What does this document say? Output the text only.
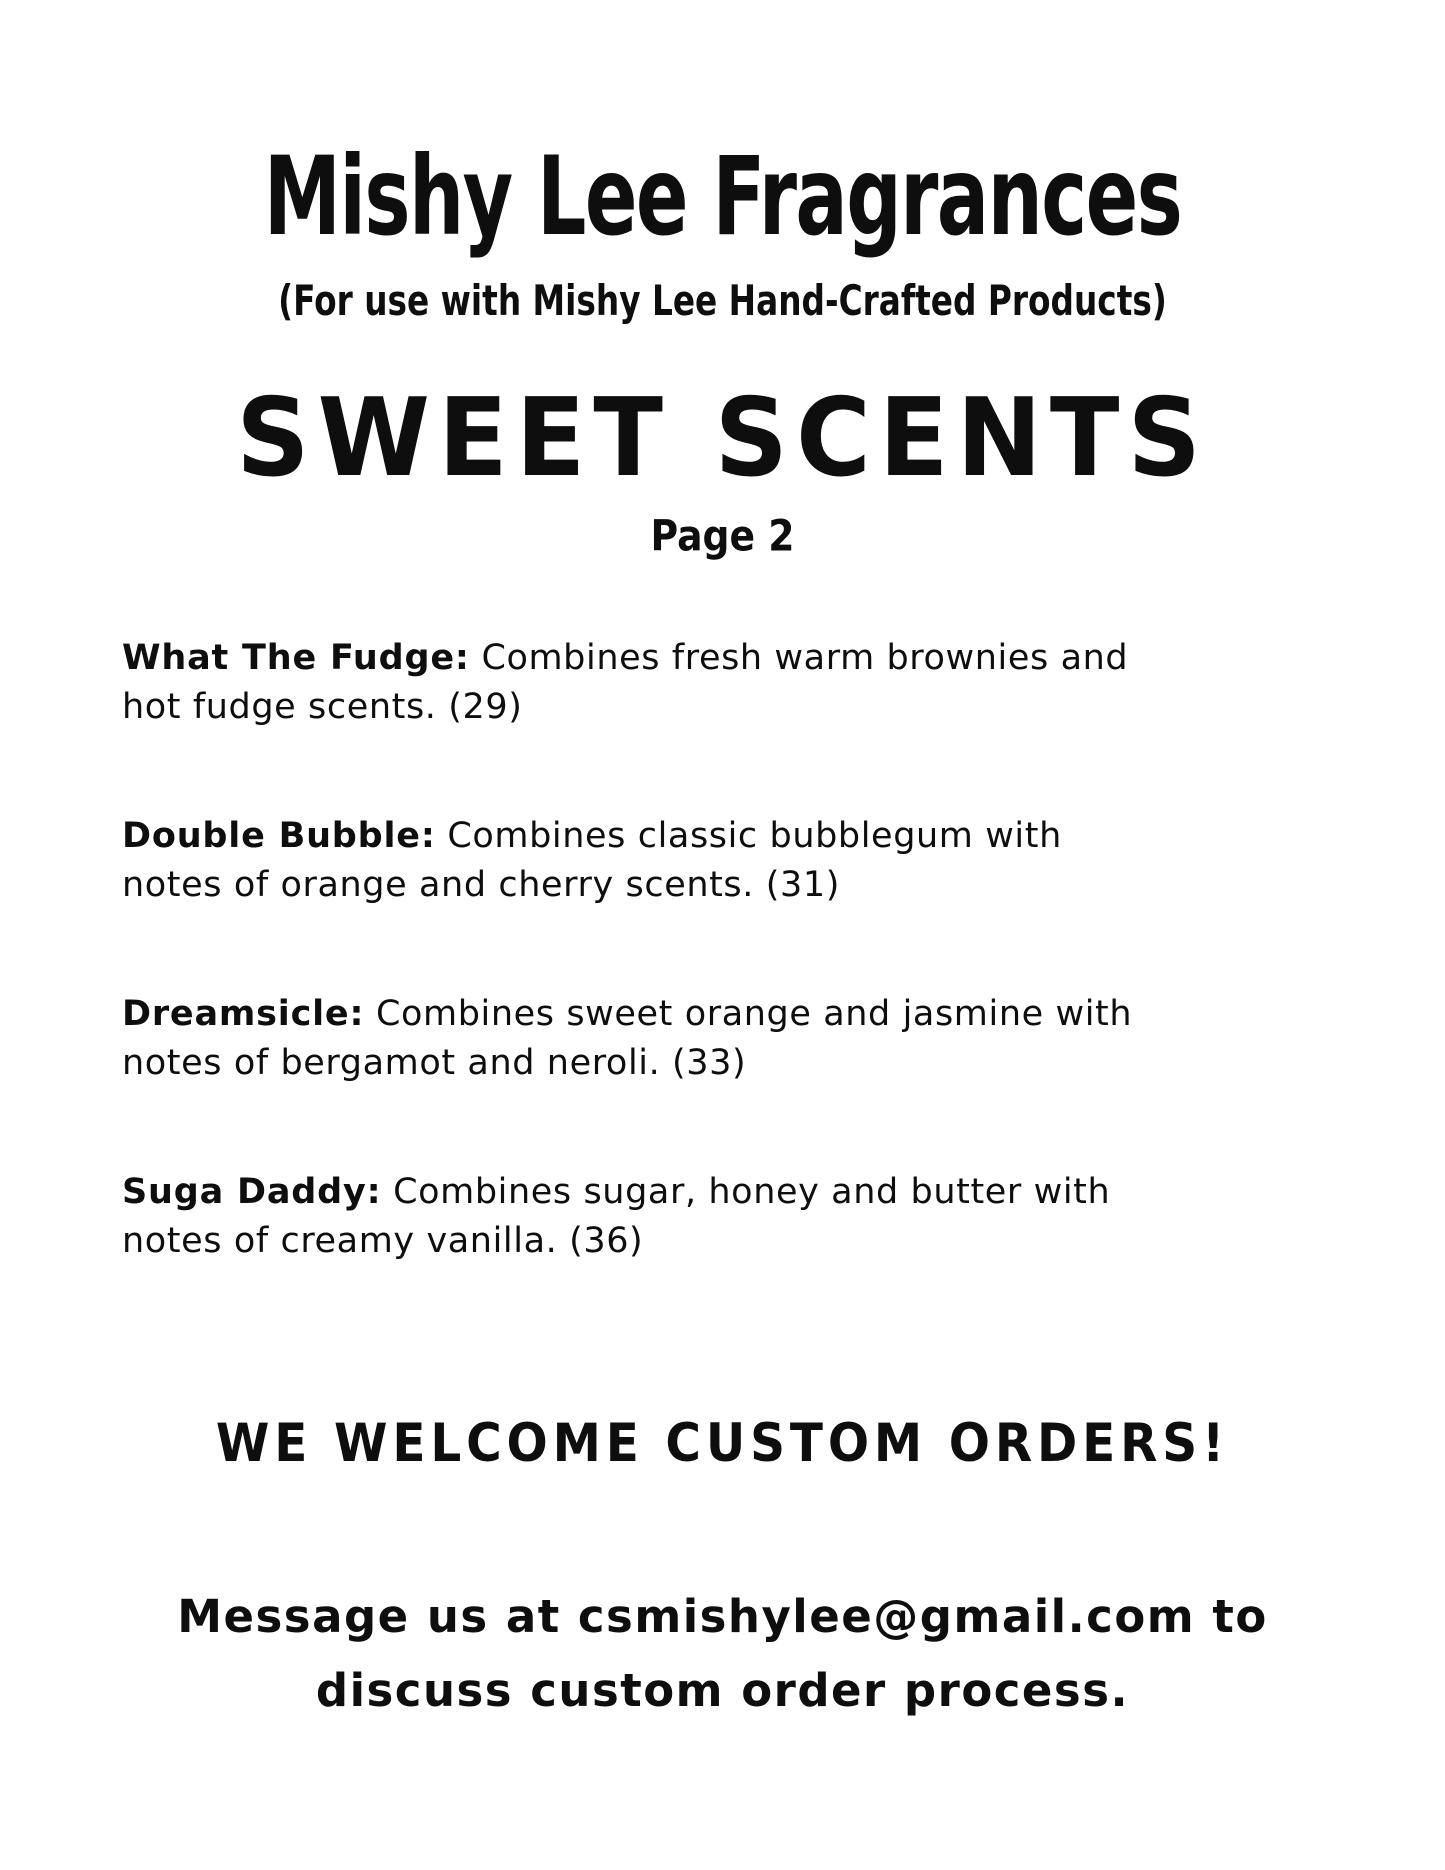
Mishy Lee Fragrances
(For use with Mishy Lee Hand-Crafted Products)
SWEET SCENTS
Page 2

What The Fudge: Combines fresh warm brownies and
hot fudge scents. (29)

Double Bubble: Combines classic bubblegum with
notes of orange and cherry scents. (31)

Dreamsicle: Combines sweet orange and jasmine with
notes of bergamot and neroli. (33)

Suga Daddy: Combines sugar, honey and butter with
notes of creamy vanilla. (36)

WE WELCOME CUSTOM ORDERS!
Message us at csmishylee@gmail.com to
discuss custom order process.
